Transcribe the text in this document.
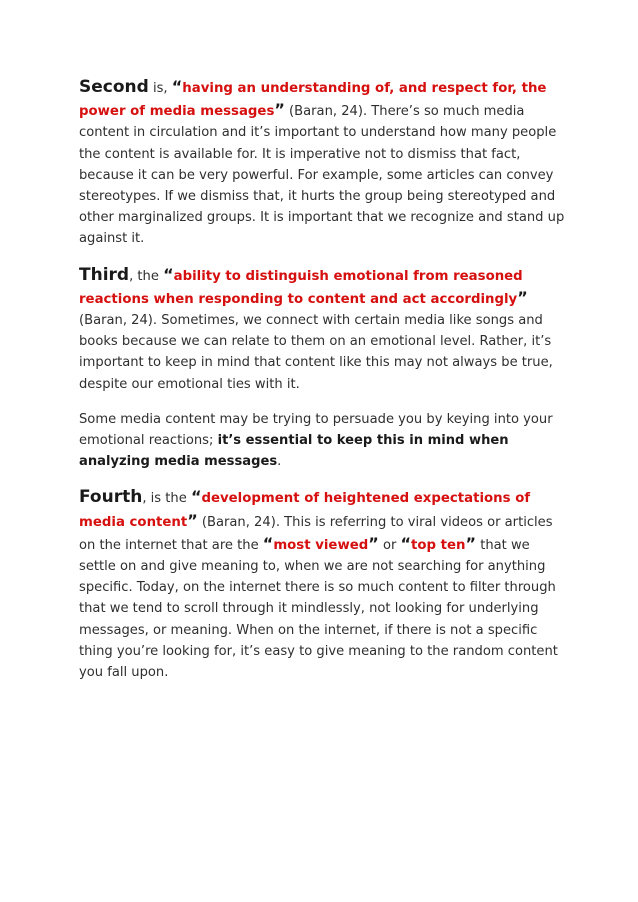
Second is, “having an understanding of, and respect for, the power of media messages” (Baran, 24). There’s so much media content in circulation and it’s important to understand how many people the content is available for. It is imperative not to dismiss that fact, because it can be very powerful. For example, some articles can convey stereotypes. If we dismiss that, it hurts the group being stereotyped and other marginalized groups. It is important that we recognize and stand up against it.

Third, the “ability to distinguish emotional from reasoned reactions when responding to content and act accordingly” (Baran, 24). Sometimes, we connect with certain media like songs and books because we can relate to them on an emotional level. Rather, it’s important to keep in mind that content like this may not always be true, despite our emotional ties with it.

Some media content may be trying to persuade you by keying into your emotional reactions; it’s essential to keep this in mind when analyzing media messages.

Fourth, is the “development of heightened expectations of media content” (Baran, 24). This is referring to viral videos or articles on the internet that are the “most viewed” or “top ten” that we settle on and give meaning to, when we are not searching for anything specific. Today, on the internet there is so much content to filter through that we tend to scroll through it mindlessly, not looking for underlying messages, or meaning. When on the internet, if there is not a specific thing you’re looking for, it’s easy to give meaning to the random content you fall upon.
